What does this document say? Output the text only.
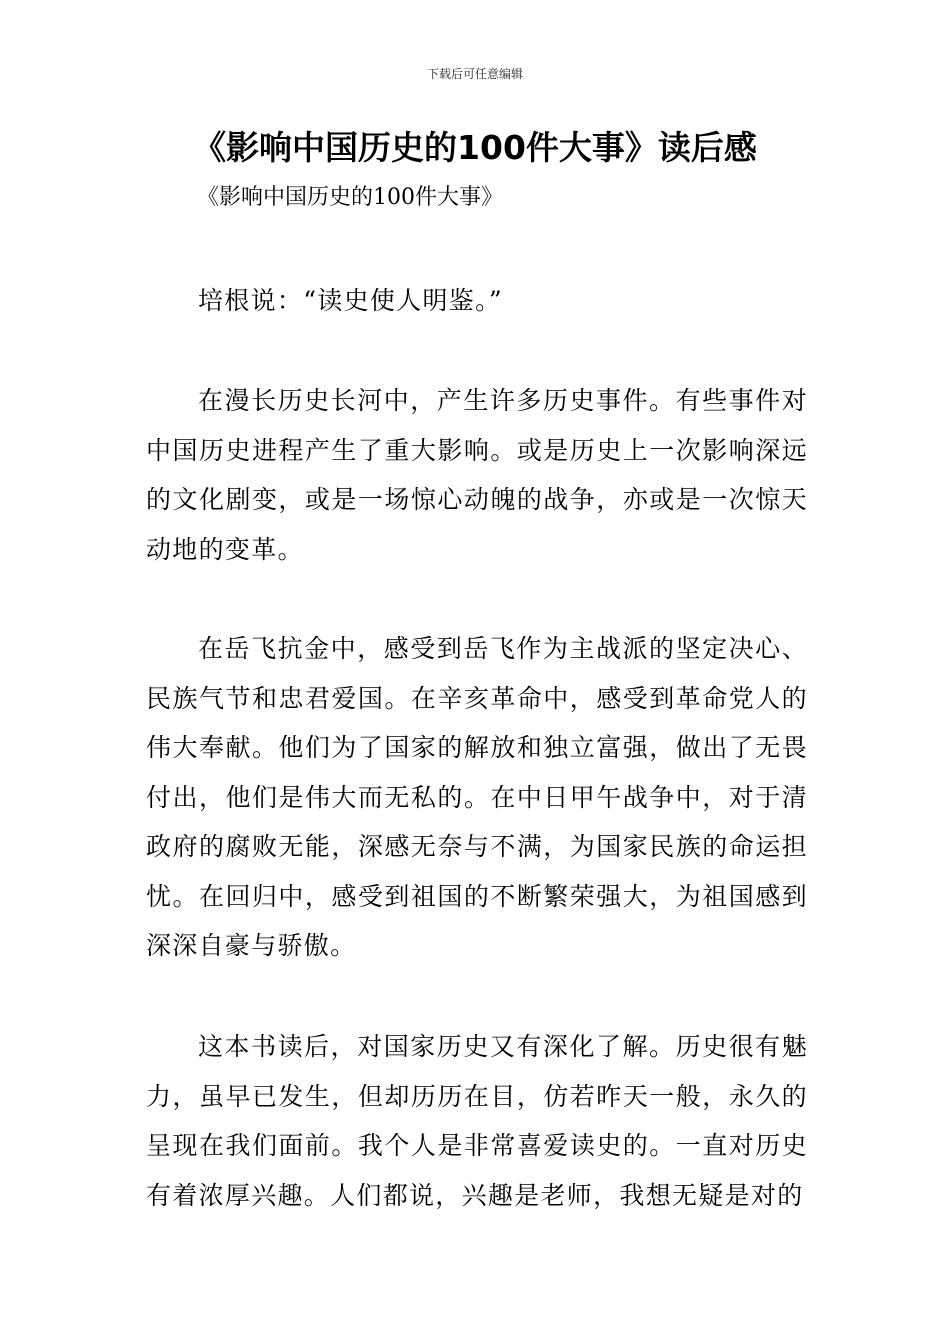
下载后可任意编辑
《影响中国历史的100件大事》读后感

《影响中国历史的100件大事》

培根说：“读史使人明鉴。”

在漫长历史长河中，产生许多历史事件。有些事件对中国历史进程产生了重大影响。或是历史上一次影响深远的文化剧变，或是一场惊心动魄的战争，亦或是一次惊天动地的变革。

在岳飞抗金中，感受到岳飞作为主战派的坚定决心、民族气节和忠君爱国。在辛亥革命中，感受到革命党人的伟大奉献。他们为了国家的解放和独立富强，做出了无畏付出，他们是伟大而无私的。在中日甲午战争中，对于清政府的腐败无能，深感无奈与不满，为国家民族的命运担忧。在回归中，感受到祖国的不断繁荣强大，为祖国感到深深自豪与骄傲。

这本书读后，对国家历史又有深化了解。历史很有魅力，虽早已发生，但却历历在目，仿若昨天一般，永久的呈现在我们面前。我个人是非常喜爱读史的。一直对历史有着浓厚兴趣。人们都说，兴趣是老师，我想无疑是对的
